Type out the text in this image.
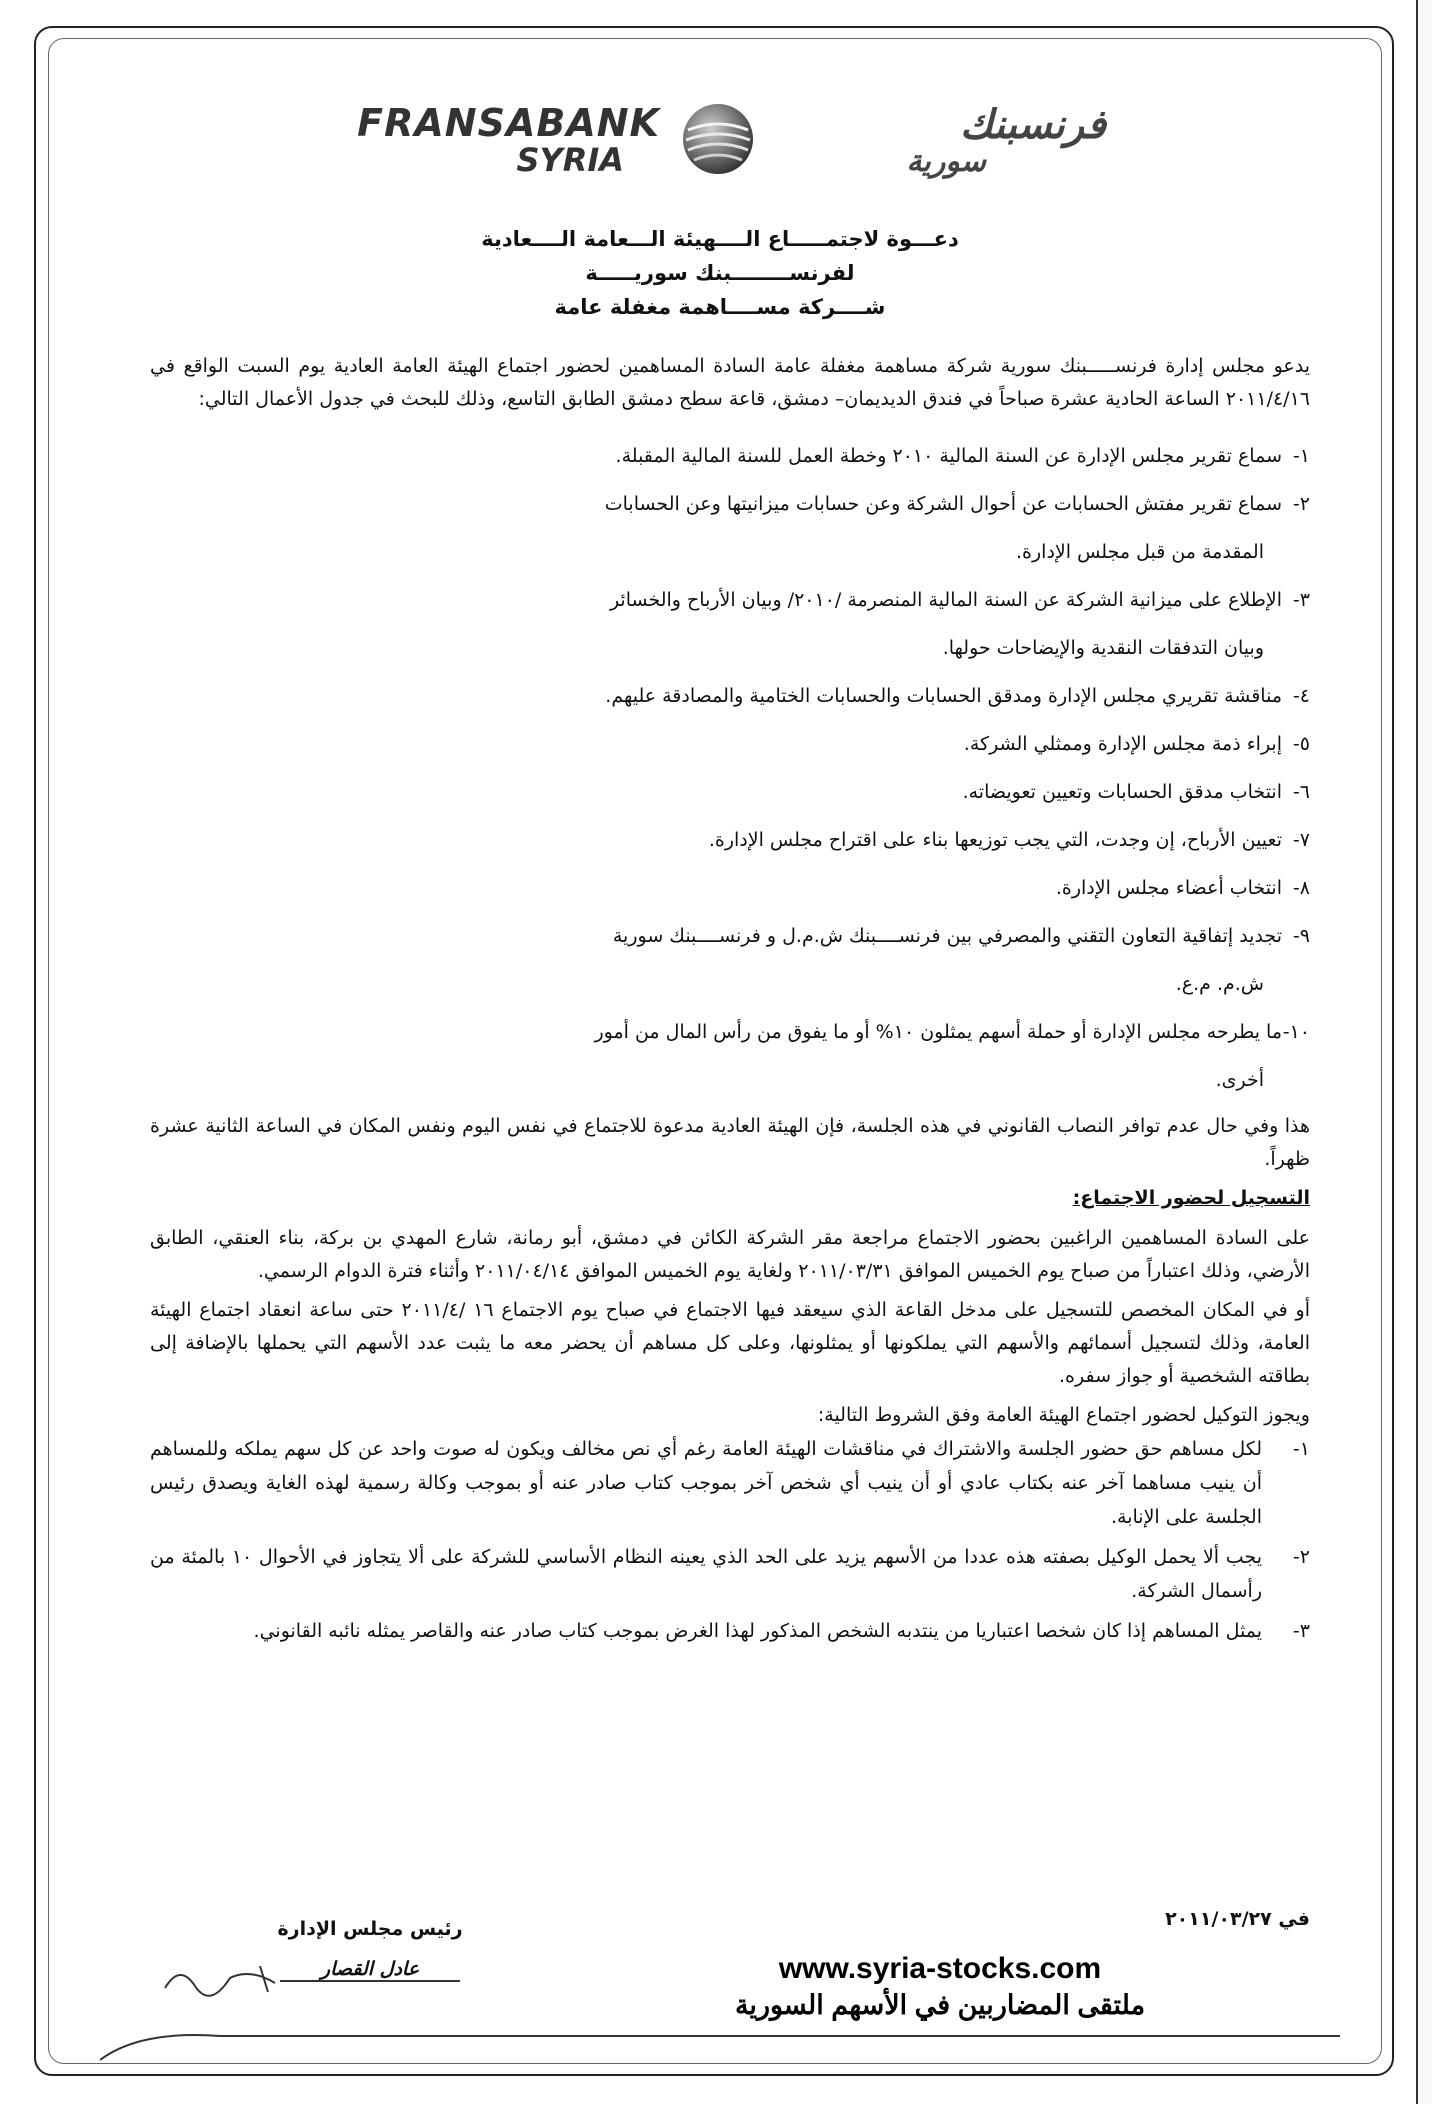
FRANSABANK
SYRIA
فرنسبنك
سورية
دعـــوة لاجتمـــــاع الــــهيئة الـــعامة الــــعادية
لفرنســــــــبنك سوريـــــة
شــــركة مســــاهمة مغفلة عامة

يدعو مجلس إدارة فرنســـــبنك سورية شركة مساهمة مغفلة عامة السادة المساهمين لحضور اجتماع الهيئة العامة العادية يوم السبت الواقع في ٢٠١١/٤/١٦ الساعة الحادية عشرة صباحاً في فندق الديديمان– دمشق، قاعة سطح دمشق الطابق التاسع، وذلك للبحث في جدول الأعمال التالي:

١-
سماع تقرير مجلس الإدارة عن السنة المالية ٢٠١٠ وخطة العمل للسنة المالية المقبلة.
٢-
سماع تقرير مفتش الحسابات عن أحوال الشركة وعن حسابات ميزانيتها وعن الحسابات
المقدمة من قبل مجلس الإدارة.
٣-
الإطلاع على ميزانية الشركة عن السنة المالية المنصرمة /٢٠١٠/ وبيان الأرباح والخسائر
وبيان التدفقات النقدية والإيضاحات حولها.
٤-
مناقشة تقريري مجلس الإدارة ومدقق الحسابات والحسابات الختامية والمصادقة عليهم.
٥-
إبراء ذمة مجلس الإدارة وممثلي الشركة.
٦-
انتخاب مدقق الحسابات وتعيين تعويضاته.
٧-
تعيين الأرباح، إن وجدت، التي يجب توزيعها بناء على اقتراح مجلس الإدارة.
٨-
انتخاب أعضاء مجلس الإدارة.
٩-
تجديد إتفاقية التعاون التقني والمصرفي بين فرنســــبنك ش.م.ل و فرنســــبنك سورية
ش.م. م.ع.
١٠-
ما يطرحه مجلس الإدارة أو حملة أسهم يمثلون ١٠% أو ما يفوق من رأس المال من أمور
أخرى.

هذا وفي حال عدم توافر النصاب القانوني في هذه الجلسة، فإن الهيئة العادية مدعوة للاجتماع في نفس اليوم ونفس المكان في الساعة الثانية عشرة ظهراً.

التسجيل لحضور الاجتماع:

على السادة المساهمين الراغبين بحضور الاجتماع مراجعة مقر الشركة الكائن في دمشق، أبو رمانة، شارع المهدي بن بركة، بناء العنقي، الطابق الأرضي، وذلك اعتباراً من صباح يوم الخميس الموافق ٢٠١١/٠٣/٣١ ولغاية يوم الخميس الموافق ٢٠١١/٠٤/١٤ وأثناء فترة الدوام الرسمي.

أو في المكان المخصص للتسجيل على مدخل القاعة الذي سيعقد فيها الاجتماع في صباح يوم الاجتماع ١٦ /٢٠١١/٤ حتى ساعة انعقاد اجتماع الهيئة العامة، وذلك لتسجيل أسمائهم والأسهم التي يملكونها أو يمثلونها، وعلى كل مساهم أن يحضر معه ما يثبت عدد الأسهم التي يحملها بالإضافة إلى بطاقته الشخصية أو جواز سفره.

ويجوز التوكيل لحضور اجتماع الهيئة العامة وفق الشروط التالية:

١-
لكل مساهم حق حضور الجلسة والاشتراك في مناقشات الهيئة العامة رغم أي نص مخالف ويكون له صوت واحد عن كل سهم يملكه وللمساهم أن ينيب مساهما آخر عنه بكتاب عادي أو أن ينيب أي شخص آخر بموجب كتاب صادر عنه أو بموجب وكالة رسمية لهذه الغاية ويصدق رئيس الجلسة على الإنابة.
٢-
يجب ألا يحمل الوكيل بصفته هذه عددا من الأسهم يزيد على الحد الذي يعينه النظام الأساسي للشركة على ألا يتجاوز في الأحوال ١٠ بالمئة من رأسمال الشركة.
٣-
يمثل المساهم إذا كان شخصا اعتباريا من ينتدبه الشخص المذكور لهذا الغرض بموجب كتاب صادر عنه والقاصر يمثله نائبه القانوني.
في ٢٠١١/٠٣/٢٧
رئيس مجلس الإدارة
عادل القصار	www.syria-stocks.com
ملتقى المضاربين في الأسهم السورية
